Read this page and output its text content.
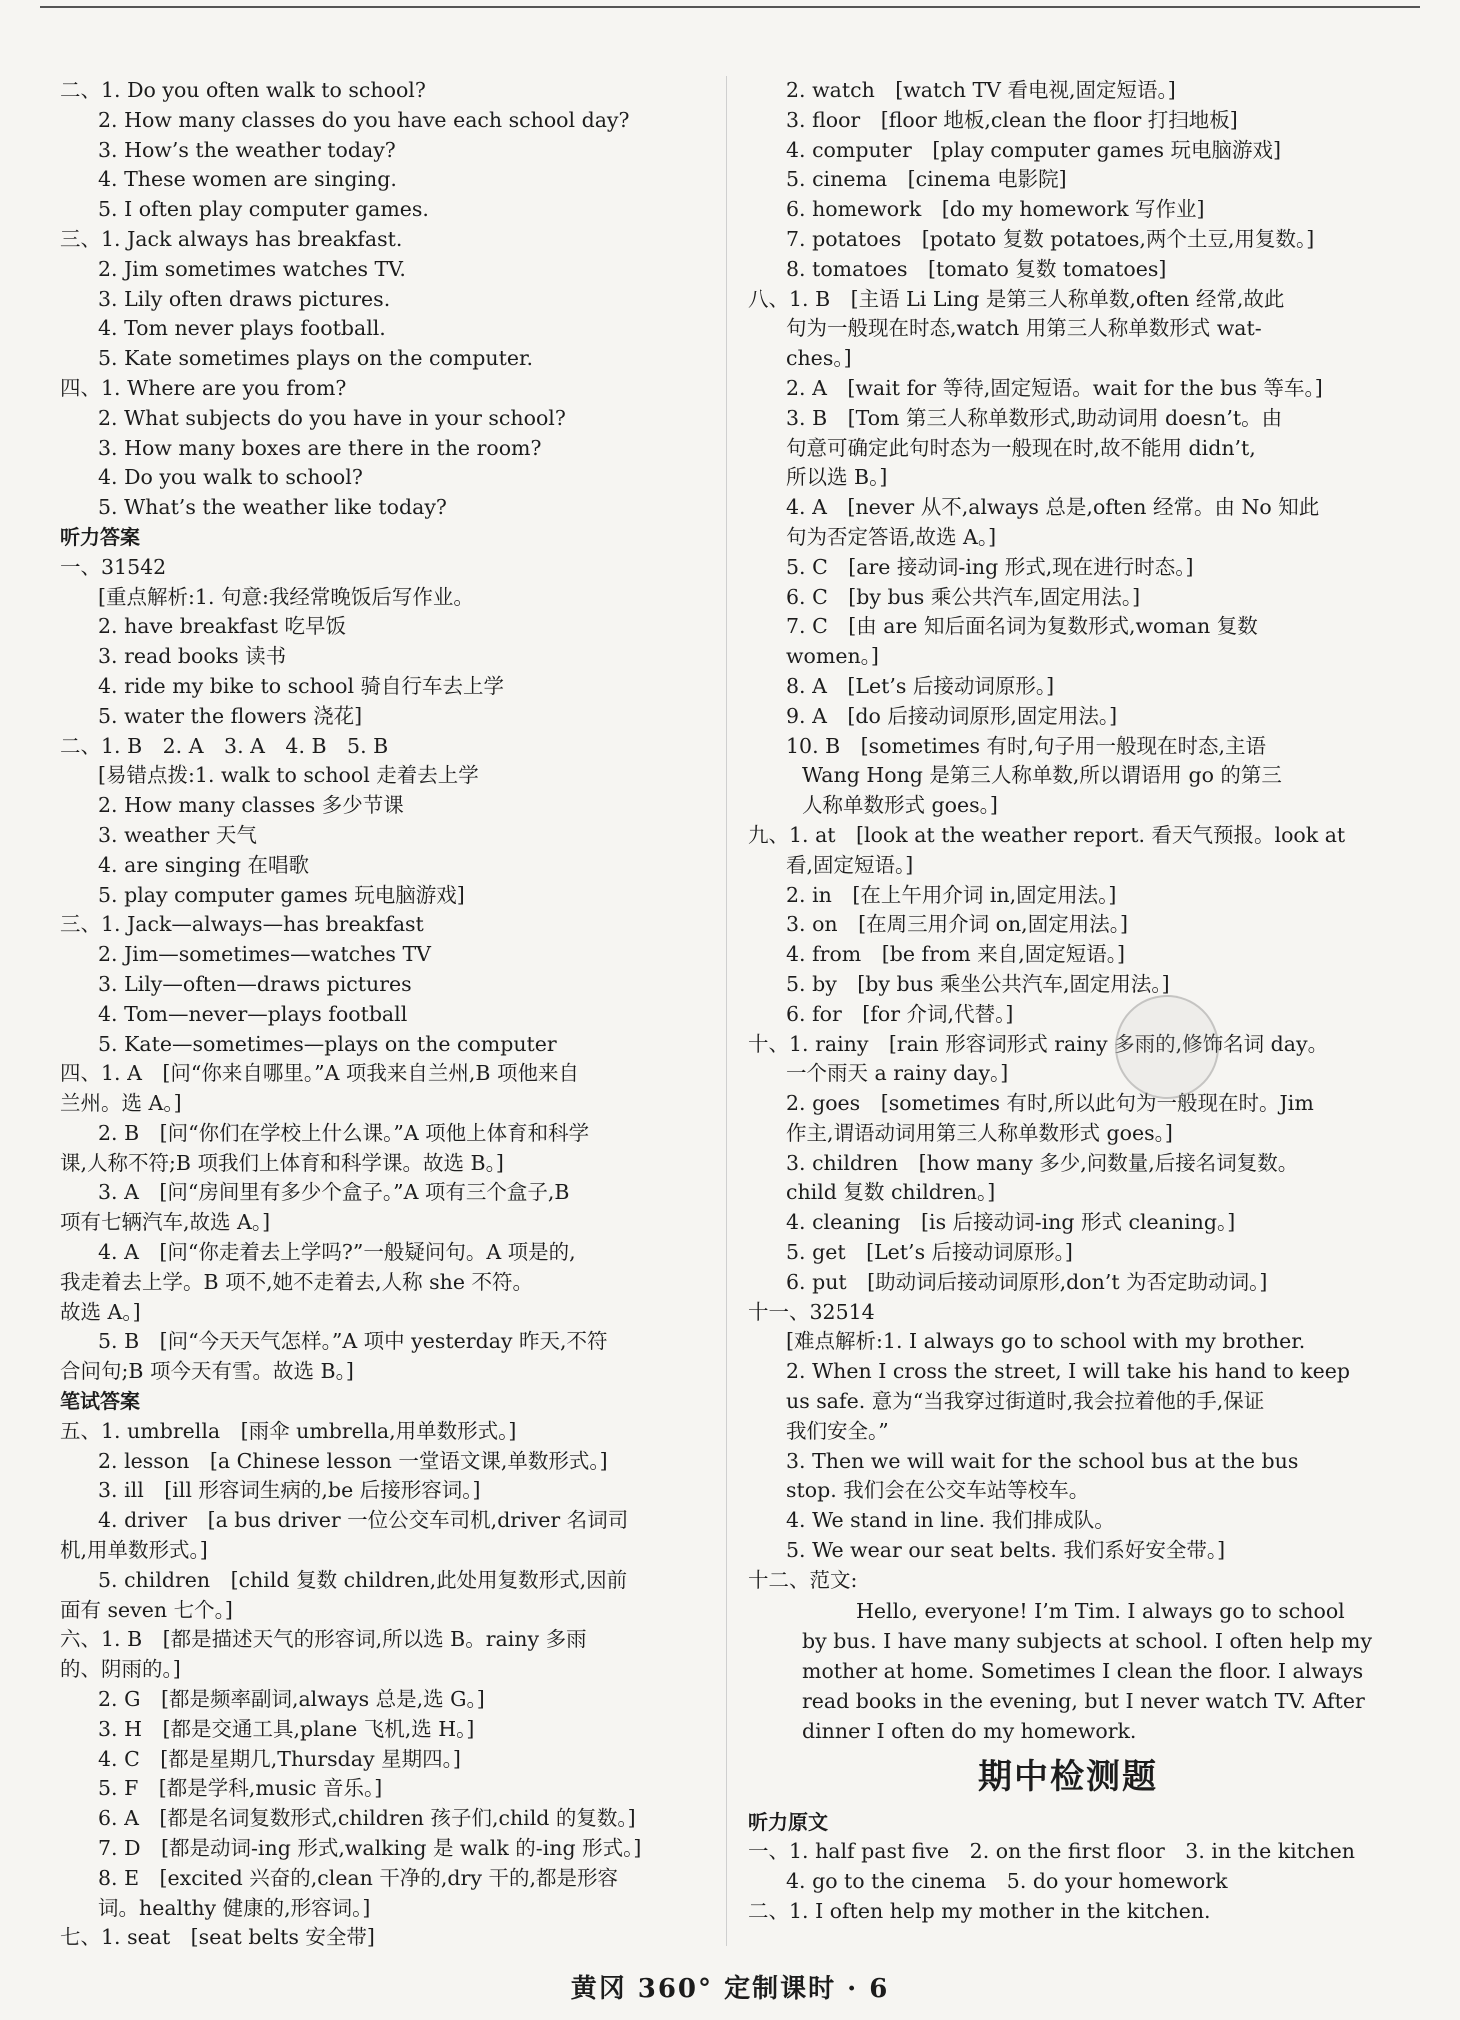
二、1. Do you often walk to school?
2. How many classes do you have each school day?
3. How’s the weather today?
4. These women are singing.
5. I often play computer games.
三、1. Jack always has breakfast.
2. Jim sometimes watches TV.
3. Lily often draws pictures.
4. Tom never plays football.
5. Kate sometimes plays on the computer.
四、1. Where are you from?
2. What subjects do you have in your school?
3. How many boxes are there in the room?
4. Do you walk to school?
5. What’s the weather like today?
听力答案
一、31542
[重点解析:1. 句意:我经常晚饭后写作业。
2. have breakfast 吃早饭
3. read books 读书
4. ride my bike to school 骑自行车去上学
5. water the flowers 浇花]
二、1. B　2. A　3. A　4. B　5. B
[易错点拨:1. walk to school 走着去上学
2. How many classes 多少节课
3. weather 天气
4. are singing 在唱歌
5. play computer games 玩电脑游戏]
三、1. Jack—always—has breakfast
2. Jim—sometimes—watches TV
3. Lily—often—draws pictures
4. Tom—never—plays football
5. Kate—sometimes—plays on the computer
四、1. A　[问“你来自哪里。”A 项我来自兰州,B 项他来自
兰州。选 A。]
2. B　[问“你们在学校上什么课。”A 项他上体育和科学
课,人称不符;B 项我们上体育和科学课。故选 B。]
3. A　[问“房间里有多少个盒子。”A 项有三个盒子,B
项有七辆汽车,故选 A。]
4. A　[问“你走着去上学吗?”一般疑问句。A 项是的,
我走着去上学。B 项不,她不走着去,人称 she 不符。
故选 A。]
5. B　[问“今天天气怎样。”A 项中 yesterday 昨天,不符
合问句;B 项今天有雪。故选 B。]
笔试答案
五、1. umbrella　[雨伞 umbrella,用单数形式。]
2. lesson　[a Chinese lesson 一堂语文课,单数形式。]
3. ill　[ill 形容词生病的,be 后接形容词。]
4. driver　[a bus driver 一位公交车司机,driver 名词司
机,用单数形式。]
5. children　[child 复数 children,此处用复数形式,因前
面有 seven 七个。]
六、1. B　[都是描述天气的形容词,所以选 B。rainy 多雨
的、阴雨的。]
2. G　[都是频率副词,always 总是,选 G。]
3. H　[都是交通工具,plane 飞机,选 H。]
4. C　[都是星期几,Thursday 星期四。]
5. F　[都是学科,music 音乐。]
6. A　[都是名词复数形式,children 孩子们,child 的复数。]
7. D　[都是动词-ing 形式,walking 是 walk 的-ing 形式。]
8. E　[excited 兴奋的,clean 干净的,dry 干的,都是形容
词。healthy 健康的,形容词。]
七、1. seat　[seat belts 安全带]
2. watch　[watch TV 看电视,固定短语。]
3. floor　[floor 地板,clean the floor 打扫地板]
4. computer　[play computer games 玩电脑游戏]
5. cinema　[cinema 电影院]
6. homework　[do my homework 写作业]
7. potatoes　[potato 复数 potatoes,两个土豆,用复数。]
8. tomatoes　[tomato 复数 tomatoes]
八、1. B　[主语 Li Ling 是第三人称单数,often 经常,故此
句为一般现在时态,watch 用第三人称单数形式 wat-
ches。]
2. A　[wait for 等待,固定短语。wait for the bus 等车。]
3. B　[Tom 第三人称单数形式,助动词用 doesn’t。由
句意可确定此句时态为一般现在时,故不能用 didn’t,
所以选 B。]
4. A　[never 从不,always 总是,often 经常。由 No 知此
句为否定答语,故选 A。]
5. C　[are 接动词-ing 形式,现在进行时态。]
6. C　[by bus 乘公共汽车,固定用法。]
7. C　[由 are 知后面名词为复数形式,woman 复数
women。]
8. A　[Let’s 后接动词原形。]
9. A　[do 后接动词原形,固定用法。]
10. B　[sometimes 有时,句子用一般现在时态,主语
Wang Hong 是第三人称单数,所以谓语用 go 的第三
人称单数形式 goes。]
九、1. at　[look at the weather report. 看天气预报。look at
看,固定短语。]
2. in　[在上午用介词 in,固定用法。]
3. on　[在周三用介词 on,固定用法。]
4. from　[be from 来自,固定短语。]
5. by　[by bus 乘坐公共汽车,固定用法。]
6. for　[for 介词,代替。]
十、1. rainy　[rain 形容词形式 rainy 多雨的,修饰名词 day。
一个雨天 a rainy day。]
2. goes　[sometimes 有时,所以此句为一般现在时。Jim
作主,谓语动词用第三人称单数形式 goes。]
3. children　[how many 多少,问数量,后接名词复数。
child 复数 children。]
4. cleaning　[is 后接动词-ing 形式 cleaning。]
5. get　[Let’s 后接动词原形。]
6. put　[助动词后接动词原形,don’t 为否定助动词。]
十一、32514
[难点解析:1. I always go to school with my brother.
2. When I cross the street, I will take his hand to keep
us safe. 意为“当我穿过街道时,我会拉着他的手,保证
我们安全。”
3. Then we will wait for the school bus at the bus
stop. 我们会在公交车站等校车。
4. We stand in line. 我们排成队。
5. We wear our seat belts. 我们系好安全带。]
十二、范文:

Hello, everyone! I’m Tim. I always go to school

by bus. I have many subjects at school. I often help my

mother at home. Sometimes I clean the floor. I always

read books in the evening, but I never watch TV. After

dinner I often do my homework.

期中检测题
听力原文
一、1. half past five　2. on the first floor　3. in the kitchen
4. go to the cinema　5. do your homework
二、1. I often help my mother in the kitchen.

黄冈 360° 定制课时 · 6
